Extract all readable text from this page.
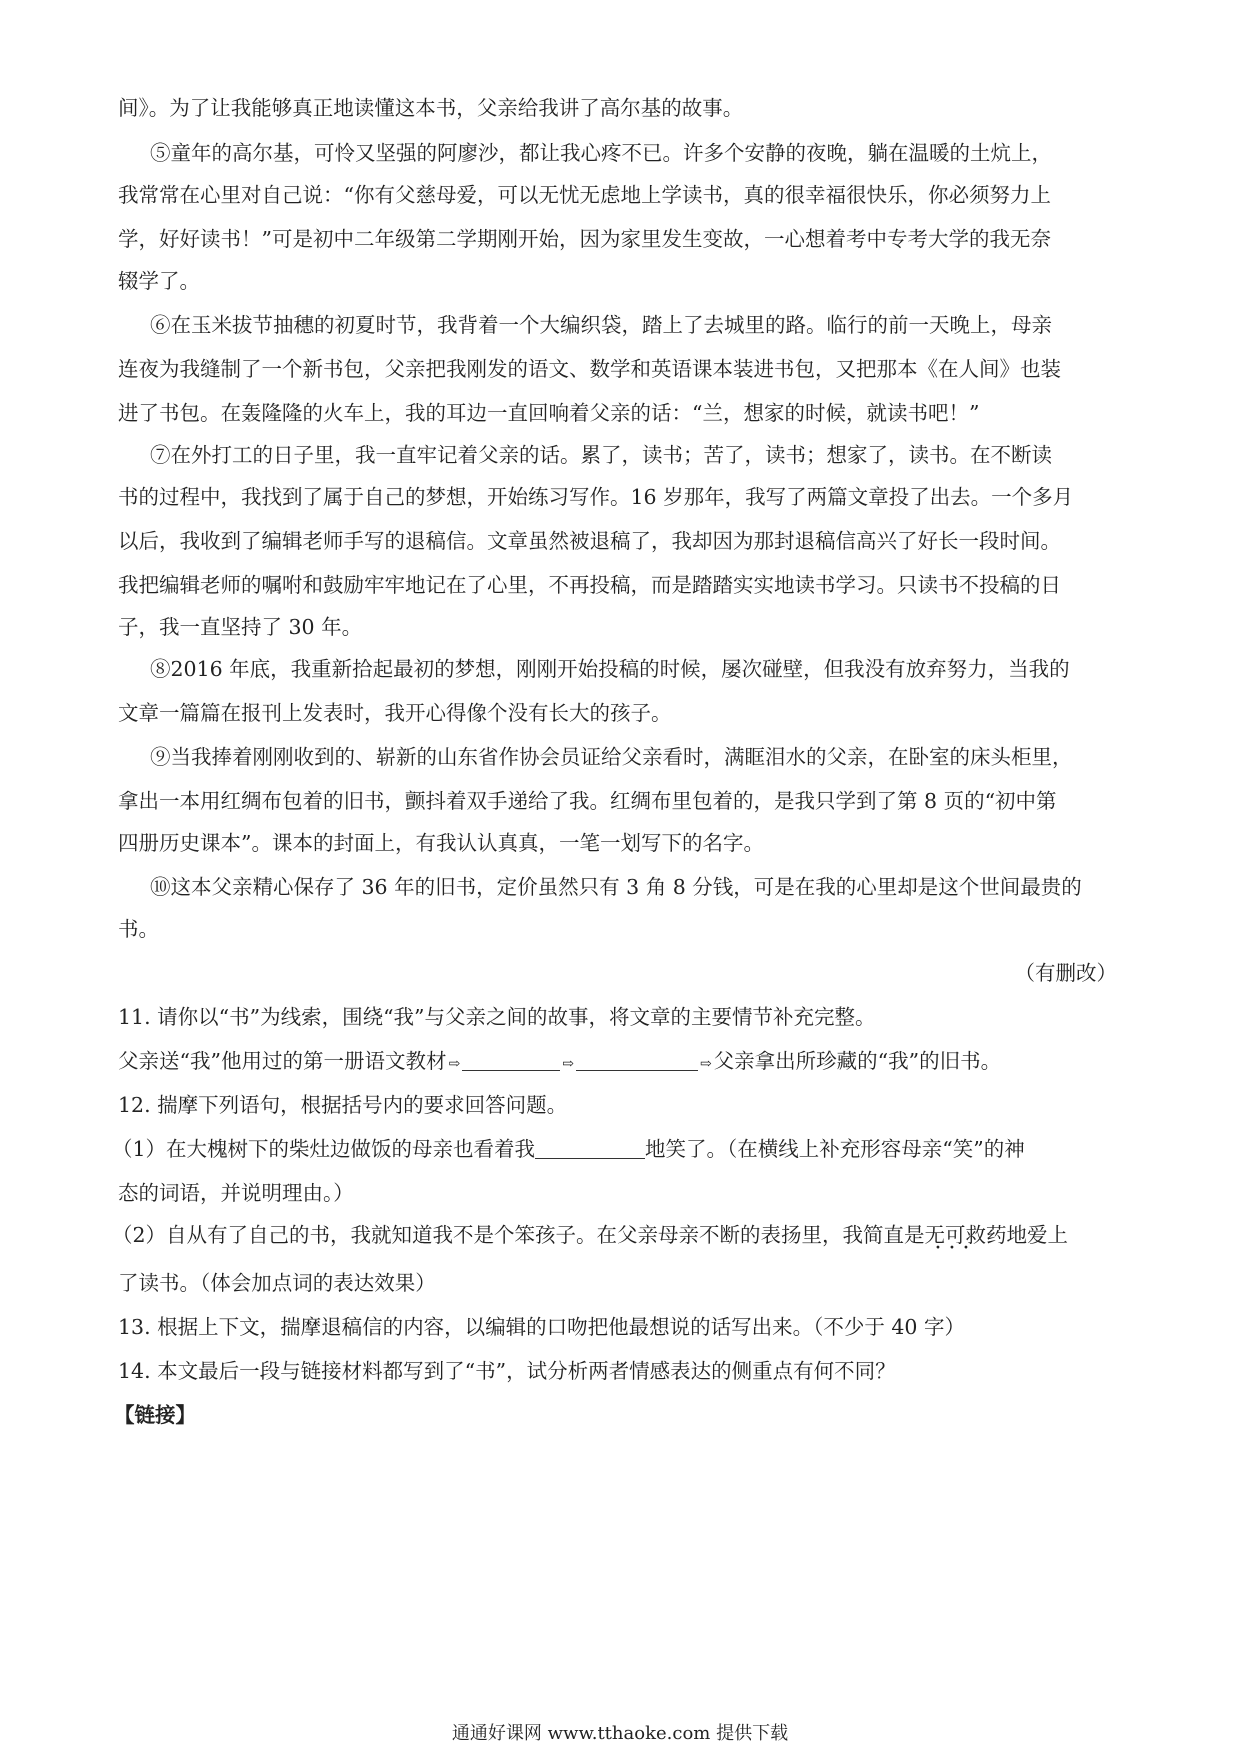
间》。为了让我能够真正地读懂这本书，父亲给我讲了高尔基的故事。
⑤童年的高尔基，可怜又坚强的阿廖沙，都让我心疼不已。许多个安静的夜晚，躺在温暖的土炕上，
我常常在心里对自己说：“你有父慈母爱，可以无忧无虑地上学读书，真的很幸福很快乐，你必须努力上
学，好好读书！”可是初中二年级第二学期刚开始，因为家里发生变故，一心想着考中专考大学的我无奈
辍学了。
⑥在玉米拔节抽穗的初夏时节，我背着一个大编织袋，踏上了去城里的路。临行的前一天晚上，母亲
连夜为我缝制了一个新书包，父亲把我刚发的语文、数学和英语课本装进书包，又把那本《在人间》也装
进了书包。在轰隆隆的火车上，我的耳边一直回响着父亲的话：“兰，想家的时候，就读书吧！”
⑦在外打工的日子里，我一直牢记着父亲的话。累了，读书；苦了，读书；想家了，读书。在不断读
书的过程中，我找到了属于自己的梦想，开始练习写作。16 岁那年，我写了两篇文章投了出去。一个多月
以后，我收到了编辑老师手写的退稿信。文章虽然被退稿了，我却因为那封退稿信高兴了好长一段时间。
我把编辑老师的嘱咐和鼓励牢牢地记在了心里，不再投稿，而是踏踏实实地读书学习。只读书不投稿的日
子，我一直坚持了 30 年。
⑧2016 年底，我重新拾起最初的梦想，刚刚开始投稿的时候，屡次碰壁，但我没有放弃努力，当我的
文章一篇篇在报刊上发表时，我开心得像个没有长大的孩子。
⑨当我捧着刚刚收到的、崭新的山东省作协会员证给父亲看时，满眶泪水的父亲，在卧室的床头柜里，
拿出一本用红绸布包着的旧书，颤抖着双手递给了我。红绸布里包着的，是我只学到了第 8 页的“初中第
四册历史课本”。课本的封面上，有我认认真真，一笔一划写下的名字。
⑩这本父亲精心保存了 36 年的旧书，定价虽然只有 3 角 8 分钱，可是在我的心里却是这个世间最贵的
书。
（有删改）
11. 请你以“书”为线索，围绕“我”与父亲之间的故事，将文章的主要情节补充完整。
父亲送“我”他用过的第一册语文教材 ⇨	⇨	⇨父亲拿出所珍藏的“我”的旧书。
12. 揣摩下列语句，根据括号内的要求回答问题。
（1）在大槐树下的柴灶边做饭的母亲也看着我	地笑了。（在横线上补充形容母亲“笑”的神
态的词语，并说明理由。）
（2）自从有了自己的书，我就知道我不是个笨孩子。在父亲母亲不断的表扬里，我简直是无可救药 · · ·地爱上
了读书。（体会加点词的表达效果）
13. 根据上下文，揣摩退稿信的内容，以编辑的口吻把他最想说的话写出来。（不少于 40 字）
14. 本文最后一段与链接材料都写到了“书”，试分析两者情感表达的侧重点有何不同？
【链接】
通通好课网 www.tthaoke.com 提供下载
